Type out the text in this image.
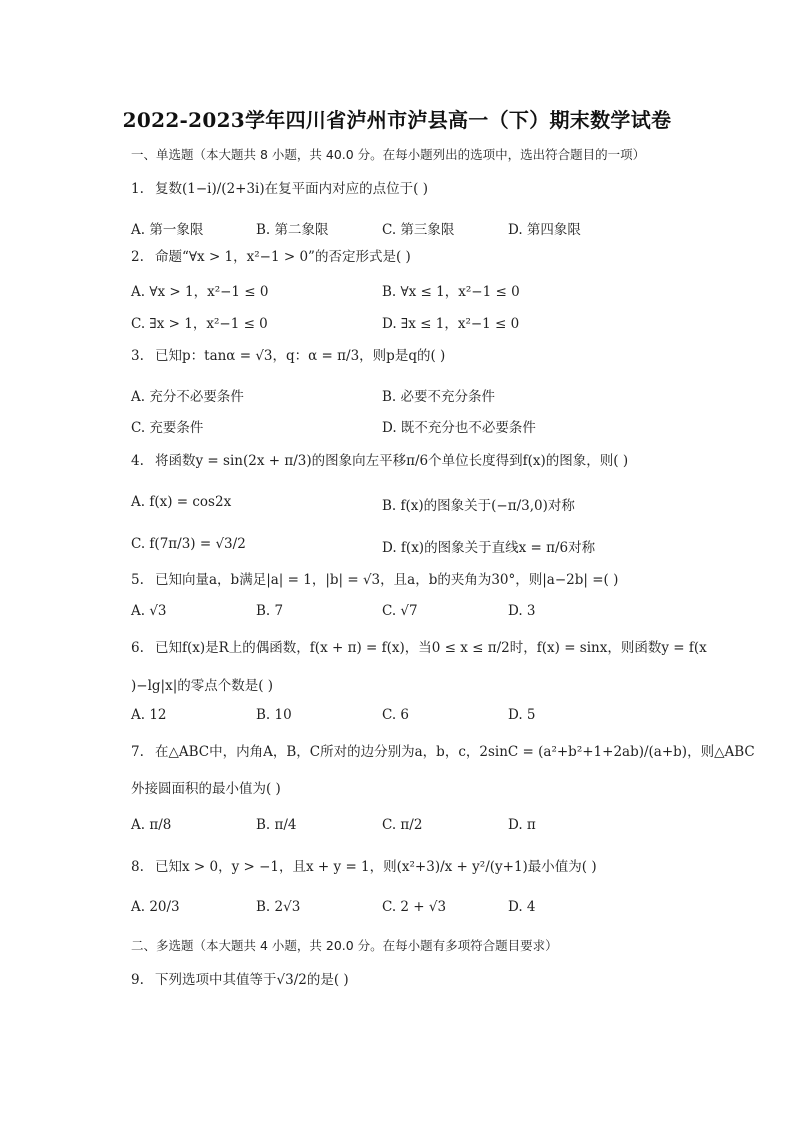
2022-2023学年四川省泸州市泸县高一（下）期末数学试卷
一、单选题（本大题共 8 小题，共 40.0 分。在每小题列出的选项中，选出符合题目的一项）
1. 复数(1−i)/(2+3i)在复平面内对应的点位于( )
A. 第一象限	B. 第二象限	C. 第三象限	D. 第四象限
2. 命题“∀x > 1，x²−1 > 0”的否定形式是( )
A. ∀x > 1，x²−1 ≤ 0	B. ∀x ≤ 1，x²−1 ≤ 0
C. ∃x > 1，x²−1 ≤ 0	D. ∃x ≤ 1，x²−1 ≤ 0
3. 已知p：tanα = √3，q：α = π/3，则p是q的( )
A. 充分不必要条件	B. 必要不充分条件
C. 充要条件	D. 既不充分也不必要条件
4. 将函数y = sin(2x + π/3)的图象向左平移π/6个单位长度得到f(x)的图象，则( )
A. f(x) = cos2x	B. f(x)的图象关于(−π/3,0)对称
C. f(7π/3) = √3/2	D. f(x)的图象关于直线x = π/6对称
5. 已知向量a，b满足|a| = 1，|b| = √3，且a，b的夹角为30°，则|a−2b| =( )
A. √3	B. 7	C. √7	D. 3
6. 已知f(x)是R上的偶函数，f(x + π) = f(x)，当0 ≤ x ≤ π/2时，f(x) = sinx，则函数y = f(x
)−lg|x|的零点个数是( )
A. 12	B. 10	C. 6	D. 5
7. 在△ABC中，内角A，B，C所对的边分别为a，b，c，2sinC = (a²+b²+1+2ab)/(a+b)，则△ABC
外接圆面积的最小值为( )
A. π/8	B. π/4	C. π/2	D. π
8. 已知x > 0，y > −1，且x + y = 1，则(x²+3)/x + y²/(y+1)最小值为( )
A. 20/3	B. 2√3	C. 2 + √3	D. 4
二、多选题（本大题共 4 小题，共 20.0 分。在每小题有多项符合题目要求）
9. 下列选项中其值等于√3/2的是( )
